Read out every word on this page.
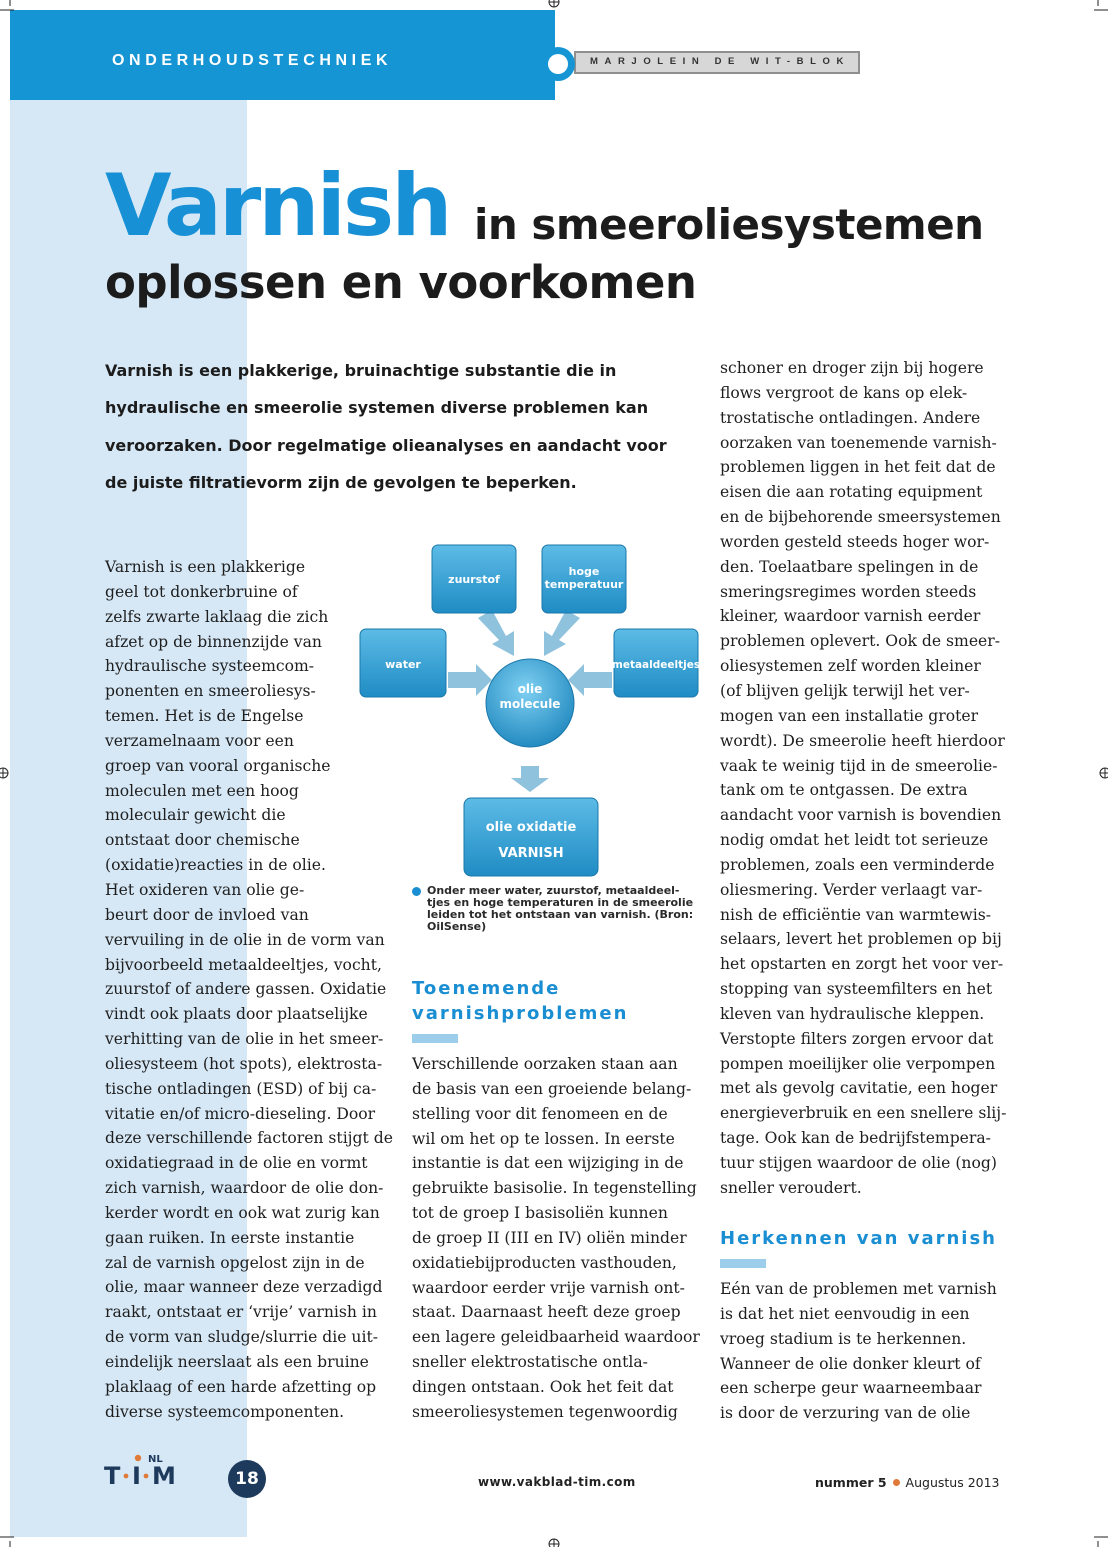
ONDERHOUDSTECHNIEK	MARJOLEIN DE WIT-BLOK
Varnish in smeeroliesystemen
oplossen en voorkomen
Varnish is een plakkerige, bruinachtige substantie die in
hydraulische en smeerolie systemen diverse problemen kan
veroorzaken. Door regelmatige olieanalyses en aandacht voor
de juiste filtratievorm zijn de gevolgen te beperken.
Varnish is een plakkerige
geel tot donkerbruine of
zelfs zwarte laklaag die zich
afzet op de binnenzijde van
hydraulische systeemcom-
ponenten en smeeroliesys-
temen. Het is de Engelse
verzamelnaam voor een
groep van vooral organische
moleculen met een hoog
moleculair gewicht die
ontstaat door chemische
(oxidatie)reacties in de olie.
Het oxideren van olie ge-
beurt door de invloed van
vervuiling in de olie in de vorm van
bijvoorbeeld metaaldeeltjes, vocht,
zuurstof of andere gassen. Oxidatie
vindt ook plaats door plaatselijke
verhitting van de olie in het smeer-
oliesysteem (hot spots), elektrosta-
tische ontladingen (ESD) of bij ca-
vitatie en/of micro-dieseling. Door
deze verschillende factoren stijgt de
oxidatiegraad in de olie en vormt
zich varnish, waardoor de olie don-
kerder wordt en ook wat zurig kan
gaan ruiken. In eerste instantie
zal de varnish opgelost zijn in de
olie, maar wanneer deze verzadigd
raakt, ontstaat er ‘vrije’ varnish in
de vorm van sludge/slurrie die uit-
eindelijk neerslaat als een bruine
plaklaag of een harde afzetting op
diverse systeemcomponenten.
zuurstof
hoge
temperatuur
water	metaaldeeltjes
olie
molecule
olie oxidatie
VARNISH
Onder meer water, zuurstof, metaaldeel-
tjes en hoge temperaturen in de smeerolie
leiden tot het ontstaan van varnish. (Bron:
OilSense)
Toenemende
varnishproblemen
Verschillende oorzaken staan aan
de basis van een groeiende belang-
stelling voor dit fenomeen en de
wil om het op te lossen. In eerste
instantie is dat een wijziging in de
gebruikte basisolie. In tegenstelling
tot de groep I basisoliën kunnen
de groep II (III en IV) oliën minder
oxidatiebijproducten vasthouden,
waardoor eerder vrije varnish ont-
staat. Daarnaast heeft deze groep
een lagere geleidbaarheid waardoor
sneller elektrostatische ontla-
dingen ontstaan. Ook het feit dat
smeeroliesystemen tegenwoordig
schoner en droger zijn bij hogere
flows vergroot de kans op elek-
trostatische ontladingen. Andere
oorzaken van toenemende varnish-
problemen liggen in het feit dat de
eisen die aan rotating equipment
en de bijbehorende smeersystemen
worden gesteld steeds hoger wor-
den. Toelaatbare spelingen in de
smeringsregimes worden steeds
kleiner, waardoor varnish eerder
problemen oplevert. Ook de smeer-
oliesystemen zelf worden kleiner
(of blijven gelijk terwijl het ver-
mogen van een installatie groter
wordt). De smeerolie heeft hierdoor
vaak te weinig tijd in de smeerolie-
tank om te ontgassen. De extra
aandacht voor varnish is bovendien
nodig omdat het leidt tot serieuze
problemen, zoals een verminderde
oliesmering. Verder verlaagt var-
nish de efficiëntie van warmtewis-
selaars, levert het problemen op bij
het opstarten en zorgt het voor ver-
stopping van systeemfilters en het
kleven van hydraulische kleppen.
Verstopte filters zorgen ervoor dat
pompen moeilijker olie verpompen
met als gevolg cavitatie, een hoger
energieverbruik en een snellere slij-
tage. Ook kan de bedrijfstempera-
tuur stijgen waardoor de olie (nog)
sneller veroudert.
Herkennen van varnish
Eén van de problemen met varnish
is dat het niet eenvoudig in een
vroeg stadium is te herkennen.
Wanneer de olie donker kleurt of
een scherpe geur waarneembaar
is door de verzuring van de olie
NL
T I M	18	www.vakblad-tim.com	nummer 5 Augustus 2013
